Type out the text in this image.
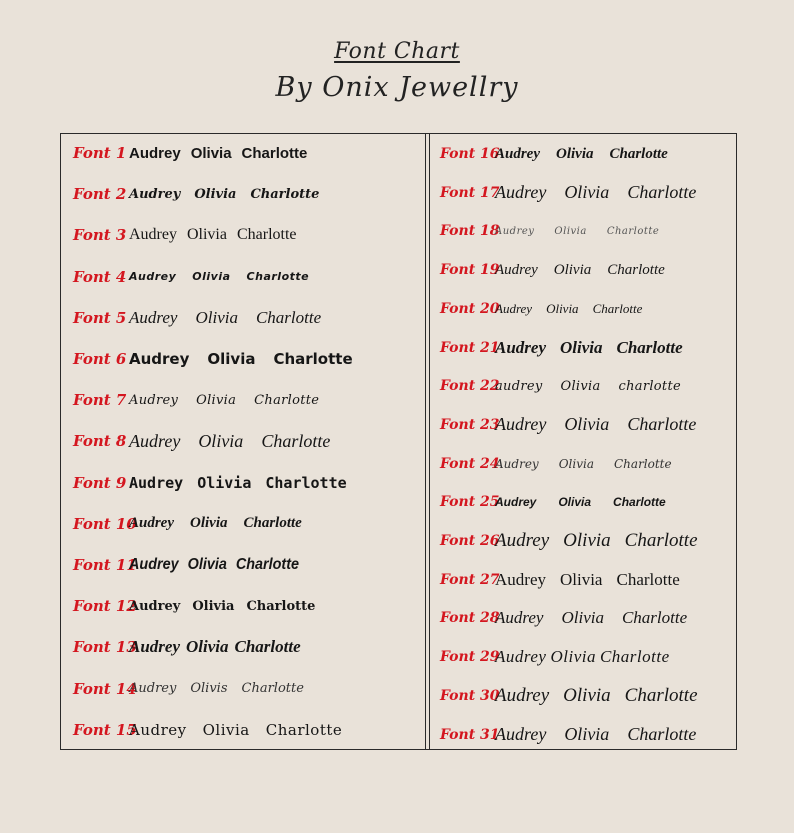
Font Chart
By Onix Jewellry
Font 1 Audrey Olivia Charlotte
Font 2 Audrey Olivia Charlotte
Font 3 Audrey Olivia Charlotte
Font 4 Audrey Olivia Charlotte
Font 5 Audrey Olivia Charlotte
Font 6 Audrey Olivia Charlotte
Font 7 Audrey Olivia Charlotte
Font 8 Audrey Olivia Charlotte
Font 9 Audrey Olivia Charlotte
Font 10
Audrey Olivia Charlotte
Font 11
Audrey Olivia Charlotte
Font 12
Audrey Olivia Charlotte
Font 13
Audrey Olivia Charlotte
Font 14
Audrey Olivis Charlotte
Font 15
Audrey Olivia Charlotte
Font 16
Audrey Olivia Charlotte
Font 17
Audrey Olivia Charlotte
Font 18
Audrey Olivia Charlotte
Font 19
Audrey Olivia Charlotte
Font 20
Audrey Olivia Charlotte
Font 21
Audrey Olivia Charlotte
Font 22
audrey Olivia charlotte
Font 23
Audrey Olivia Charlotte
Font 24
Audrey Olivia Charlotte
Font 25
Audrey Olivia Charlotte
Font 26
Audrey Olivia Charlotte
Font 27
Audrey Olivia Charlotte
Font 28
Audrey Olivia Charlotte
Font 29
Audrey Olivia Charlotte
Font 30
Audrey Olivia Charlotte
Font 31
Audrey Olivia Charlotte
